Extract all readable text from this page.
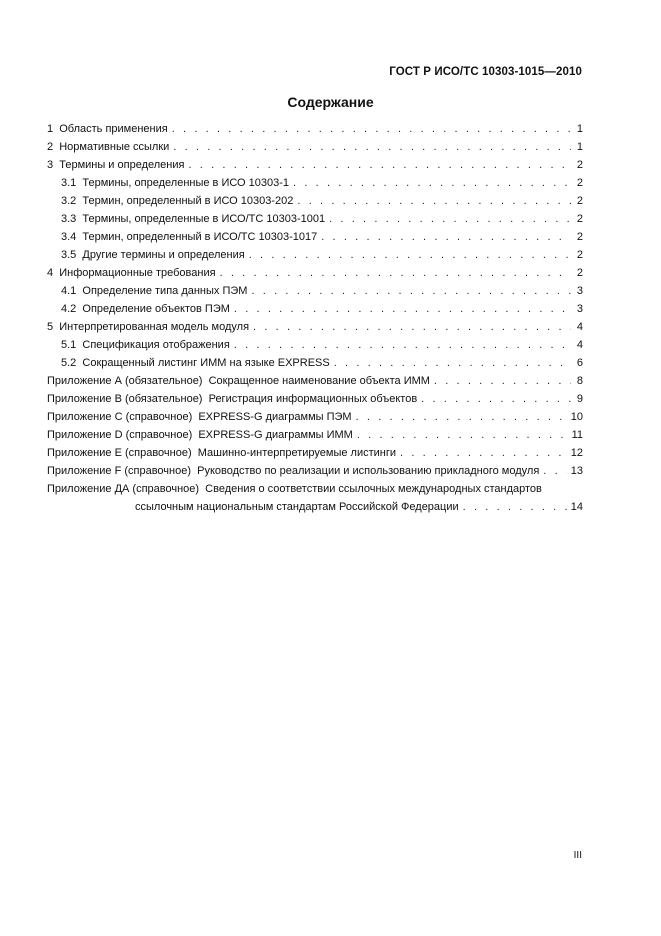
ГОСТ Р ИСО/ТС 10303-1015—2010
Содержание
1  Область применения . . .	1
2  Нормативные ссылки . . .	1
3  Термины и определения . . .	2
3.1  Термины, определенные в ИСО 10303-1 . . .	2
3.2  Термин, определенный в ИСО 10303-202 . . .	2
3.3  Термины, определенные в ИСО/ТС 10303-1001 . . .	2
3.4  Термин, определенный в ИСО/ТС 10303-1017 . . .	2
3.5  Другие термины и определения . . .	2
4  Информационные требования . . .	2
4.1  Определение типа данных ПЭМ . . .	3
4.2  Определение объектов ПЭМ . . .	3
5  Интерпретированная модель модуля . . .	4
5.1  Спецификация отображения . . .	4
5.2  Сокращенный листинг ИММ на языке EXPRESS . . .	6
Приложение А (обязательное)  Сокращенное наименование объекта ИММ . . .	8
Приложение В (обязательное)  Регистрация информационных объектов . . .	9
Приложение С (справочное)  EXPRESS-G диаграммы ПЭМ . . .	10
Приложение D (справочное)  EXPRESS-G диаграммы ИММ . . .	11
Приложение Е (справочное)  Машинно-интерпретируемые листинги . . .	12
Приложение F (справочное)  Руководство по реализации и использованию прикладного модуля . . .	13
Приложение ДА (справочное)  Сведения о соответствии ссылочных международных стандартов
ссылочным национальным стандартам Российской Федерации . . .	14
III
